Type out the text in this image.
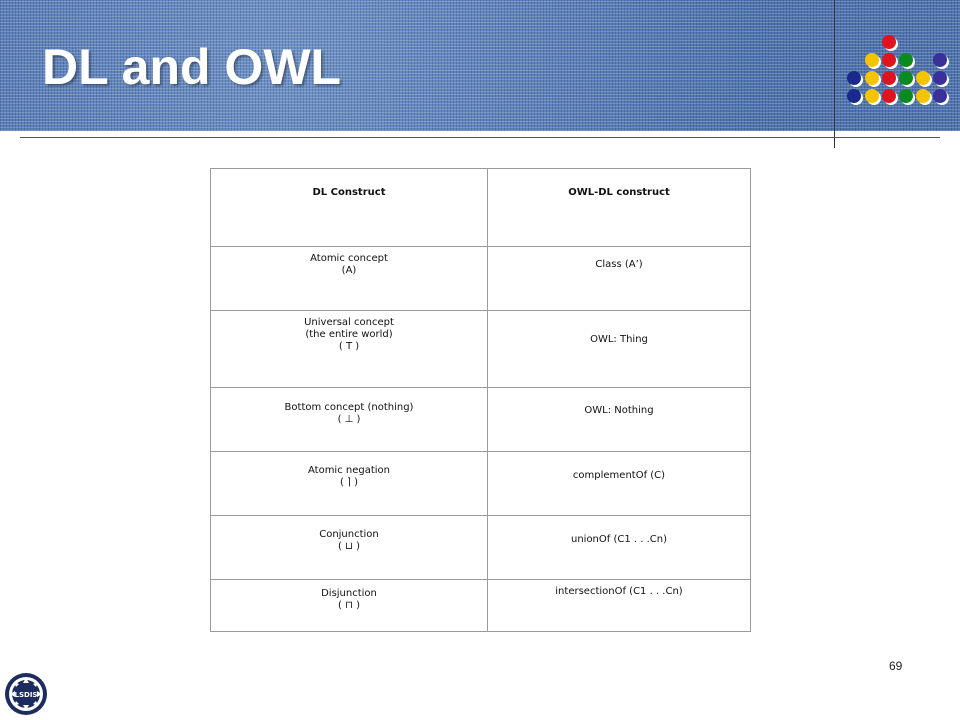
DL and OWL
DL Construct	OWL-DL construct

Atomic concept
(A)	Class (A’)

Universal concept
(the entire world)
( T )	OWL: Thing

Bottom concept (nothing)
( ⊥ )	OWL: Nothing

Atomic negation
( ⌉ )	complementOf (C)

Conjunction
( ⊔ )	unionOf (C1 . . .Cn)

Disjunction
( ⊓ )	intersectionOf (C1 . . .Cn)
69
LSDIS
